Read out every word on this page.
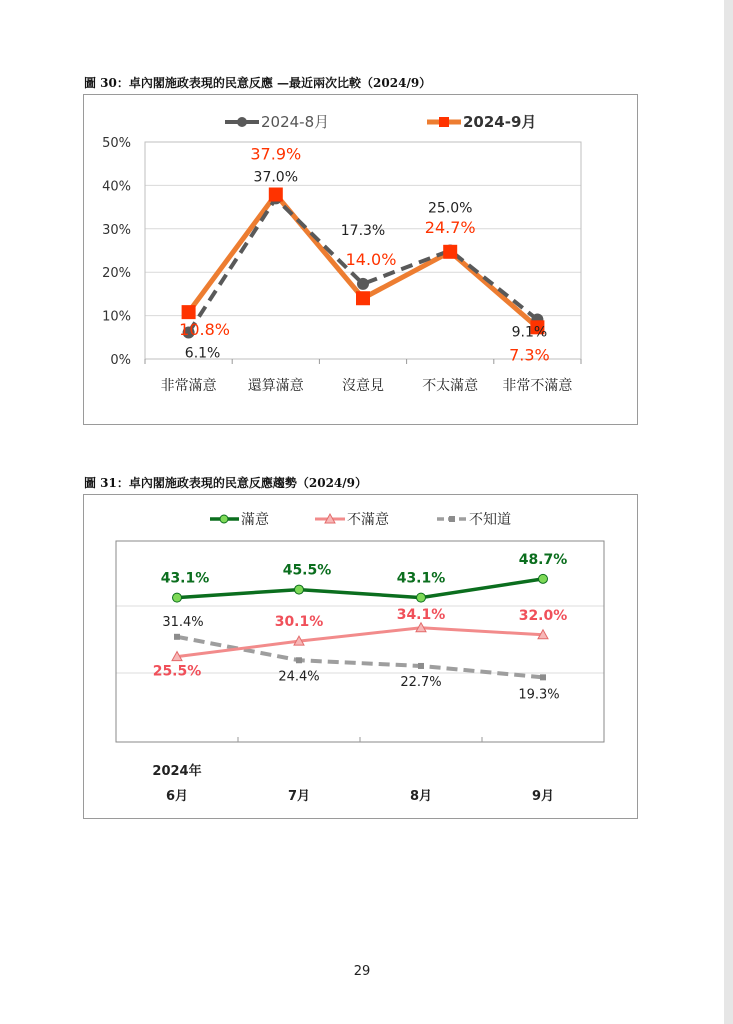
圖 30：卓內閣施政表現的民意反應 —最近兩次比較（2024/9）
0%
10%
20%
30%
40%
50%
非常滿意 還算滿意	沒意見	不太滿意 非常不滿意
6.1%
37.0%
17.3%
25.0%
9.1%
10.8%
37.9%
14.0%
24.7%
7.3%
2024-8月	2024-9月
圖 31：卓內閣施政表現的民意反應趨勢（2024/9）
2024年
6月	7月	8月	9月
43.1%
45.5%
43.1%
48.7%
25.5%
30.1%	34.1%	32.0%
31.4%
24.4%	22.7%
19.3%
滿意	不滿意	不知道
29
